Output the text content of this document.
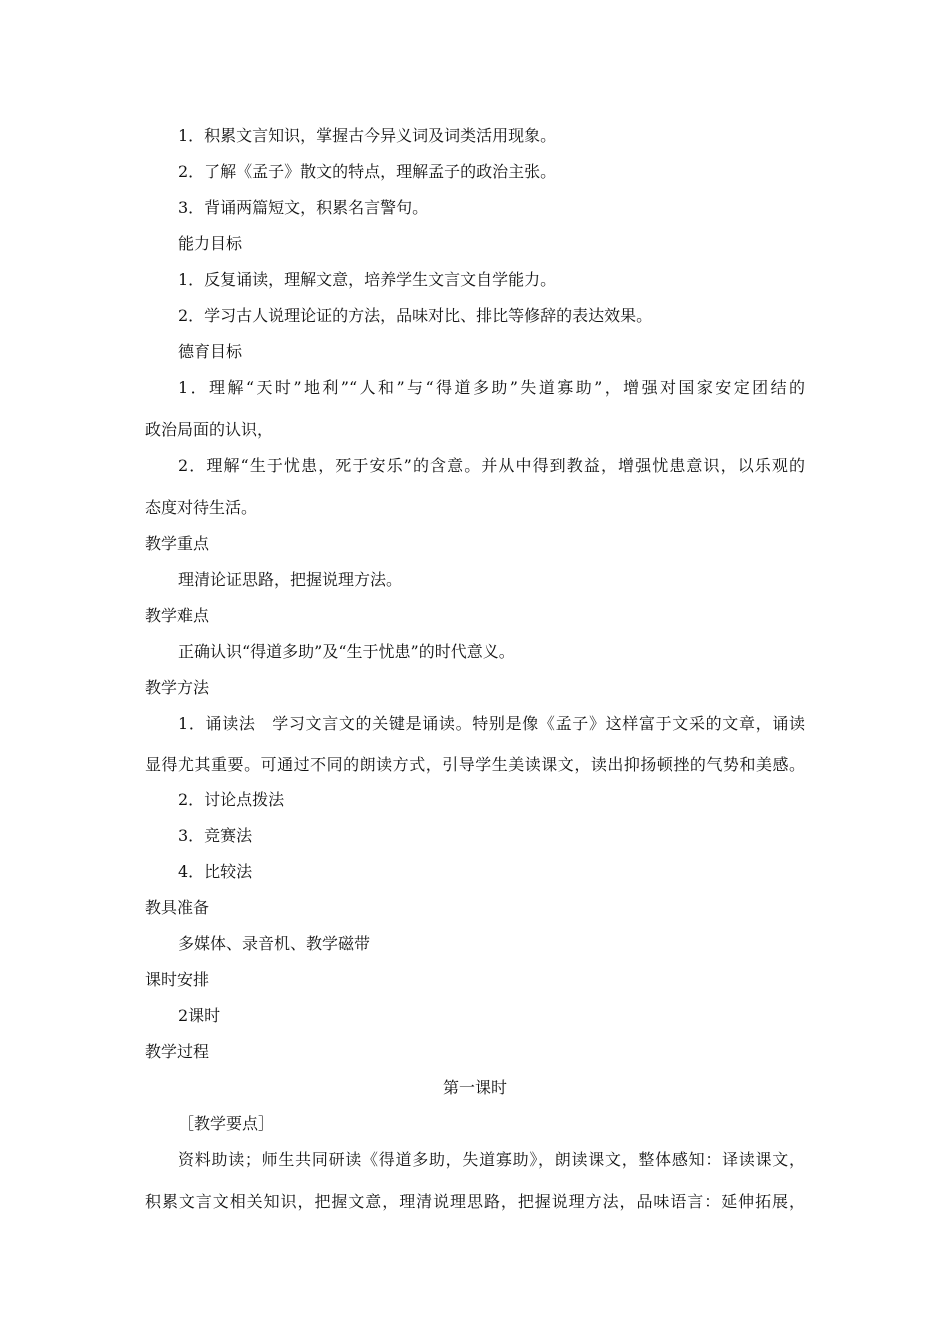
1．积累文言知识，掌握古今异义词及词类活用现象。
2．了解《孟子》散文的特点，理解孟子的政治主张。
3．背诵两篇短文，积累名言警句。
能力目标
1．反复诵读，理解文意，培养学生文言文自学能力。
2．学习古人说理论证的方法，品味对比、排比等修辞的表达效果。
德育目标
1．理解“天时”地利”“人和”与“得道多助”失道寡助”，增强对国家安定团结的
政治局面的认识，
2．理解“生于忧患，死于安乐”的含意。并从中得到教益，增强忧患意识，以乐观的
态度对待生活。
教学重点
理清论证思路，把握说理方法。
教学难点
正确认识“得道多助”及“生于忧患”的时代意义。
教学方法
1．诵读法　学习文言文的关键是诵读。特别是像《孟子》这样富于文采的文章，诵读
显得尤其重要。可通过不同的朗读方式，引导学生美读课文，读出抑扬顿挫的气势和美感。
2．讨论点拨法
3．竞赛法
4．比较法
教具准备
多媒体、录音机、教学磁带
课时安排
2课时
教学过程
第一课时
［教学要点］
资料助读；师生共同研读《得道多助，失道寡助》，朗读课文，整体感知：译读课文，
积累文言文相关知识，把握文意，理清说理思路，把握说理方法，品味语言：延伸拓展，
